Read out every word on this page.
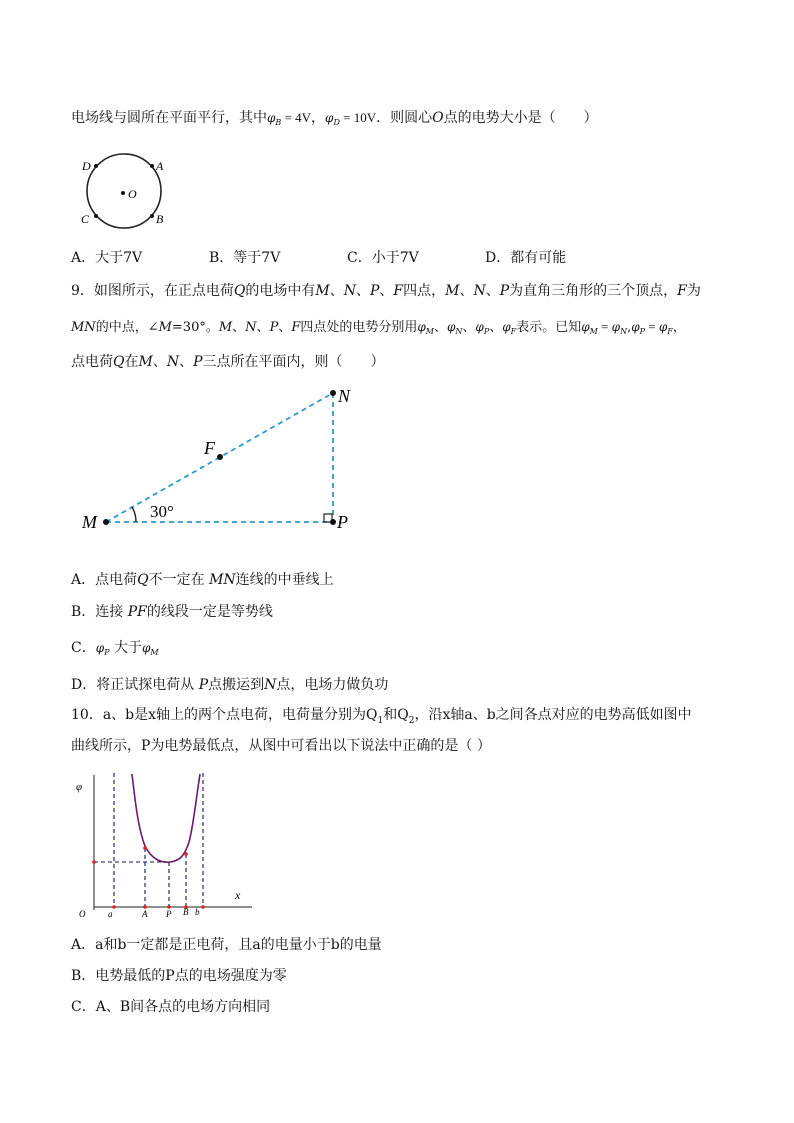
电场线与圆所在平面平行，其中$\varphi_B = 4V$，$\varphi_D = 10V$．则圆心O点的电势大小是（　　）
D	A
O
C	B
A．大于7V	B．等于7V	C．小于7V	D．都有可能
9．如图所示，在正点电荷Q的电场中有M、N、P、F四点，M、N、P为直角三角形的三个顶点，F为
MN的中点，∠M=30°。M、N、P、F四点处的电势分别用$\varphi_M$、$\varphi_N$、$\varphi_P$、$\varphi_F$表示。已知$\varphi_M = \varphi_N,\varphi_P = \varphi_F$，
点电荷Q在M、N、P三点所在平面内，则（　　）
N
F
M	P
30°
A．点电荷Q不一定在 MN连线的中垂线上
B．连接 PF的线段一定是等势线
C．$\varphi_P$ 大于$\varphi_M$
D．将正试探电荷从 P点搬运到N点，电场力做负功
10．a、b是x轴上的两个点电荷，电荷量分别为$Q_1$和$Q_2$，沿x轴a、b之间各点对应的电势高低如图中
曲线所示，P为电势最低点，从图中可看出以下说法中正确的是（ ）
φ
x
O	a	A P B b
A．a和b一定都是正电荷，且a的电量小于b的电量
B．电势最低的P点的电场强度为零
C．A、B间各点的电场方向相同
